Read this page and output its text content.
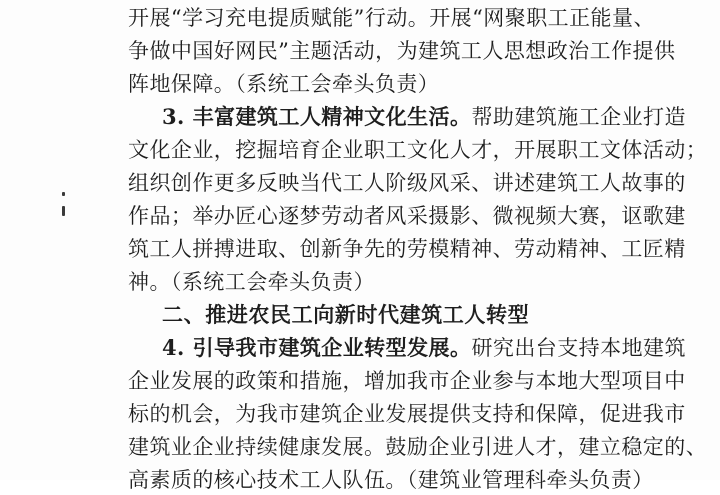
开展“学习充电提质赋能”行动。开展“网聚职工正能量、
争做中国好网民”主题活动，为建筑工人思想政治工作提供
阵地保障。（系统工会牵头负责）
3. 丰富建筑工人精神文化生活。帮助建筑施工企业打造
文化企业，挖掘培育企业职工文化人才，开展职工文体活动；
组织创作更多反映当代工人阶级风采、讲述建筑工人故事的
作品；举办匠心逐梦劳动者风采摄影、微视频大赛，讴歌建
筑工人拼搏进取、创新争先的劳模精神、劳动精神、工匠精
神。（系统工会牵头负责）
二、推进农民工向新时代建筑工人转型
4. 引导我市建筑企业转型发展。研究出台支持本地建筑
企业发展的政策和措施，增加我市企业参与本地大型项目中
标的机会，为我市建筑企业发展提供支持和保障，促进我市
建筑业企业持续健康发展。鼓励企业引进人才，建立稳定的、
高素质的核心技术工人队伍。（建筑业管理科牵头负责）
